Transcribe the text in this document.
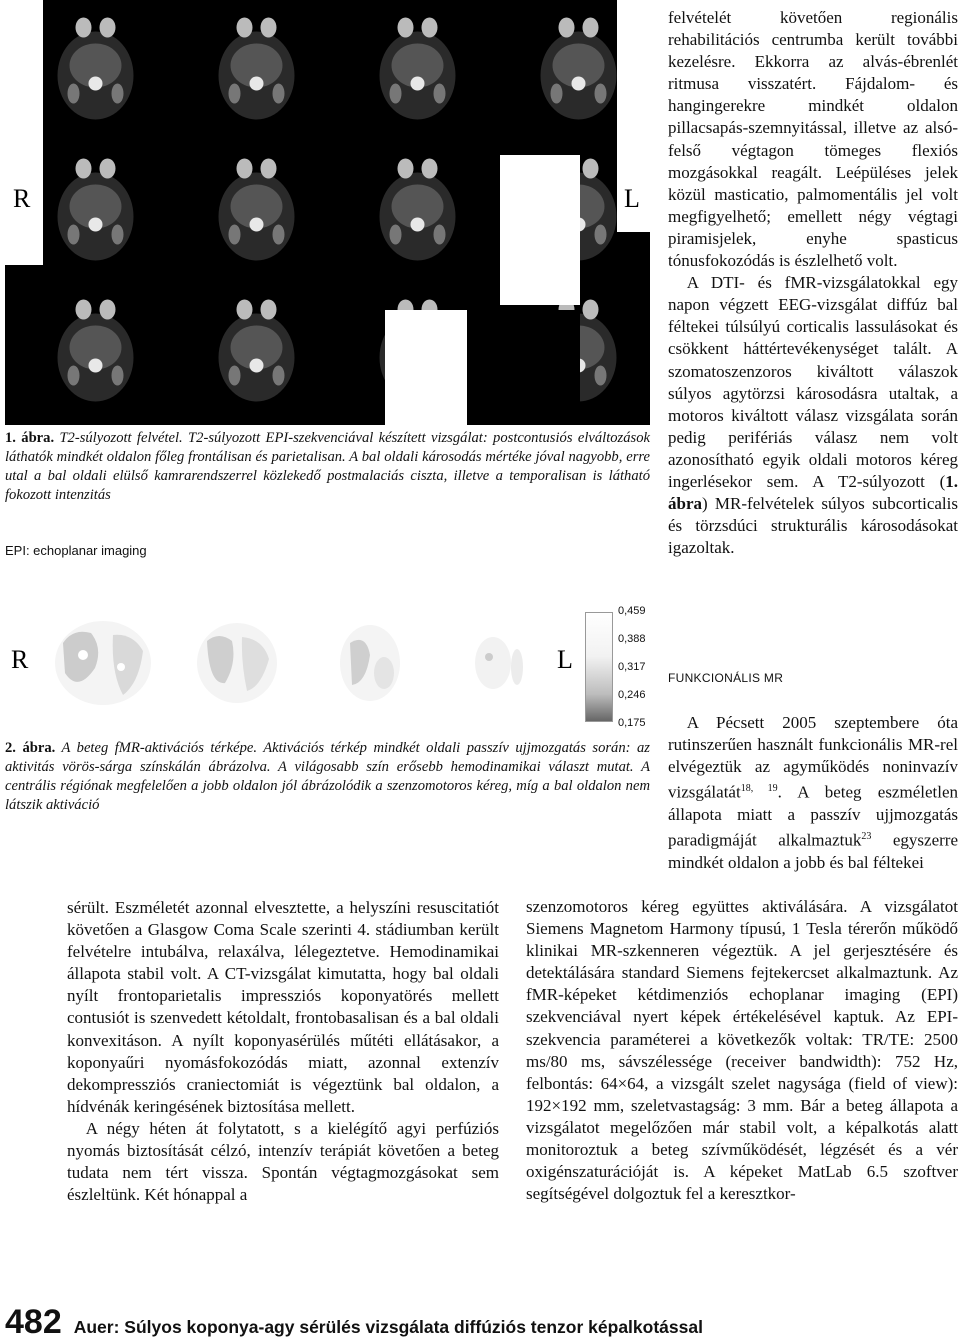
R	L
1. ábra. T2-súlyozott felvétel. T2-súlyozott EPI-szekvenciával készített vizsgálat: postcontusiós elváltozások láthatók mindkét oldalon főleg frontálisan és parietalisan. A bal oldali károsodás mértéke jóval nagyobb, erre utal a bal oldali elülső kamrarendszerrel közlekedő postmalaciás ciszta, illetve a temporalisan is látható fokozott intenzitás
EPI: echoplanar imaging
R	L
0,459
0,388
0,317
0,246
0,175
2. ábra. A beteg fMR-aktivációs térképe. Aktivációs térkép mindkét oldali passzív ujjmozgatás során: az aktivitás vörös-sárga színskálán ábrázolva. A világosabb szín erősebb hemodinamikai választ mutat. A centrális régiónak megfelelően a jobb oldalon jól ábrázolódik a szenzomotoros kéreg, míg a bal oldalon nem látszik aktiváció

sérült. Eszméletét azonnal elvesztette, a helyszíni resuscitatiót követően a Glasgow Coma Scale szerinti 4. stádiumban került felvételre intubálva, relaxálva, lélegeztetve. Hemodinamikai állapota stabil volt. A CT-vizsgálat kimutatta, hogy bal oldali nyílt frontoparietalis impressziós koponyatörés mellett contusiót is szenvedett kétoldalt, frontobasalisan és a bal oldali konvexitáson. A nyílt koponyasérülés műtéti ellátásakor, a koponyaűri nyomásfokozódás miatt, azonnal extenzív dekompressziós craniectomiát is végeztünk bal oldalon, a hídvénák keringésének biztosítása mellett.

A négy héten át folytatott, s a kielégítő agyi perfúziós nyomás biztosítását célzó, intenzív terápiát követően a beteg tudata nem tért vissza. Spontán végtagmozgásokat sem észleltünk. Két hónappal a

felvételét követően regionális rehabilitációs centrumba került további kezelésre. Ekkorra az alvás-ébrenlét ritmusa visszatért. Fájdalom- és hangingerekre mindkét oldalon pillacsapás-szemnyitással, illetve az alsó-felső végtagon tömeges flexiós mozgásokkal reagált. Leépüléses jelek közül masticatio, palmomentális jel volt megfigyelhető; emellett négy végtagi piramisjelek, enyhe spasticus tónusfokozódás is észlelhető volt.

A DTI- és fMR-vizsgálatokkal egy napon végzett EEG-vizsgálat diffúz bal féltekei túlsúlyú corticalis lassulásokat és csökkent háttértevékenységet talált. A szomatoszenzoros kiváltott válaszok súlyos agytörzsi károsodásra utaltak, a motoros kiváltott válasz vizsgálata során pedig perifériás válasz nem volt azonosítható egyik oldali motoros kéreg ingerlésekor sem. A T2-súlyozott (1. ábra) MR-felvételek súlyos subcorticalis és törzsdúci strukturális károsodásokat igazoltak.

FUNKCIONÁLIS MR

A Pécsett 2005 szeptembere óta rutinszerűen használt funkcionális MR-rel elvégeztük az agyműködés noninvazív vizsgálatát$^{18, 19}$. A beteg eszméletlen állapota miatt a passzív ujjmozgatás paradigmáját alkalmaztuk$^{23}$ egyszerre mindkét oldalon a jobb és bal féltekei

szenzomotoros kéreg együttes aktiválására. A vizsgálatot Siemens Magnetom Harmony típusú, 1 Tesla térerőn működő klinikai MR-szkenneren végeztük. A jel gerjesztésére és detektálására standard Siemens fejtekercset alkalmaztunk. Az fMR-képeket kétdimenziós echoplanar imaging (EPI) szekvenciával nyert képek értékelésével kaptuk. Az EPI-szekvencia paraméterei a következők voltak: TR/TE: 2500 ms/80 ms, sávszélessége (receiver bandwidth): 752 Hz, felbontás: 64×64, a vizsgált szelet nagysága (field of view): 192×192 mm, szeletvastagság: 3 mm. Bár a beteg állapota a vizsgálatot megelőzően már stabil volt, a képalkotás alatt monitoroztuk a beteg szívműködését, légzését és a vér oxigénszaturációját is. A képeket MatLab 6.5 szoftver segítségével dolgoztuk fel a keresztkor-
482 Auer: Súlyos koponya-agy sérülés vizsgálata diffúziós tenzor képalkotással
